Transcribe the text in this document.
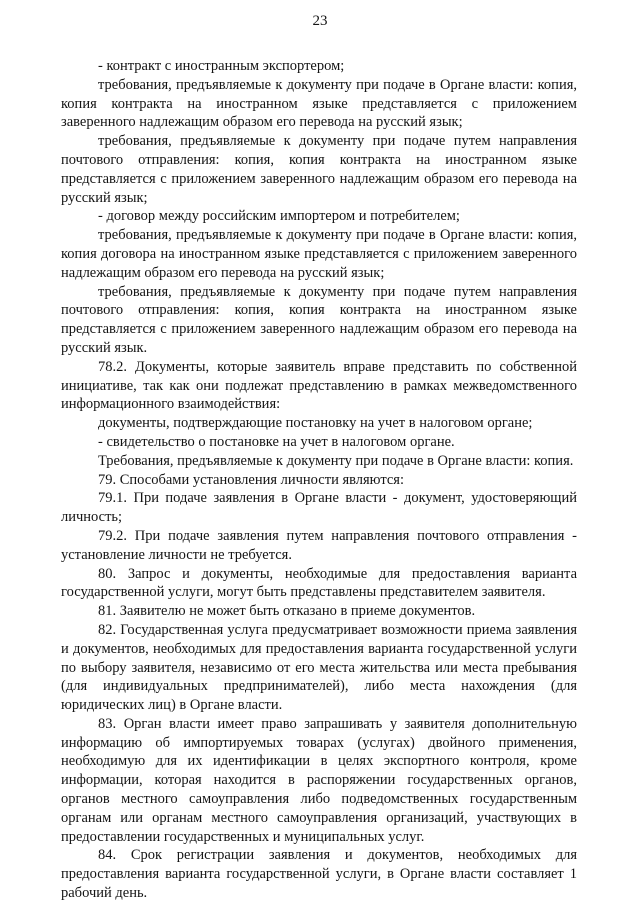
23

- контракт с иностранным экспортером;

требования, предъявляемые к документу при подаче в Органе власти: копия, копия контракта на иностранном языке представляется с приложением заверенного надлежащим образом его перевода на русский язык;

требования, предъявляемые к документу при подаче путем направления почтового отправления: копия, копия контракта на иностранном языке представляется с приложением заверенного надлежащим образом его перевода на русский язык;

- договор между российским импортером и потребителем;

требования, предъявляемые к документу при подаче в Органе власти: копия, копия договора на иностранном языке представляется с приложением заверенного надлежащим образом его перевода на русский язык;

требования, предъявляемые к документу при подаче путем направления почтового отправления: копия, копия контракта на иностранном языке представляется с приложением заверенного надлежащим образом его перевода на русский язык.

78.2. Документы, которые заявитель вправе представить по собственной инициативе, так как они подлежат представлению в рамках межведомственного информационного взаимодействия:

документы, подтверждающие постановку на учет в налоговом органе;

- свидетельство о постановке на учет в налоговом органе.

Требования, предъявляемые к документу при подаче в Органе власти: копия.

79. Способами установления личности являются:

79.1. При подаче заявления в Органе власти - документ, удостоверяющий личность;

79.2. При подаче заявления путем направления почтового отправления - установление личности не требуется.

80. Запрос и документы, необходимые для предоставления варианта государственной услуги, могут быть представлены представителем заявителя.

81. Заявителю не может быть отказано в приеме документов.

82. Государственная услуга предусматривает возможности приема заявления и документов, необходимых для предоставления варианта государственной услуги по выбору заявителя, независимо от его места жительства или места пребывания (для индивидуальных предпринимателей), либо места нахождения (для юридических лиц) в Органе власти.

83. Орган власти имеет право запрашивать у заявителя дополнительную информацию об импортируемых товарах (услугах) двойного применения, необходимую для их идентификации в целях экспортного контроля, кроме информации, которая находится в распоряжении государственных органов, органов местного самоуправления либо подведомственных государственным органам или органам местного самоуправления организаций, участвующих в предоставлении государственных и муниципальных услуг.

84. Срок регистрации заявления и документов, необходимых для предоставления варианта государственной услуги, в Органе власти составляет 1 рабочий день.
